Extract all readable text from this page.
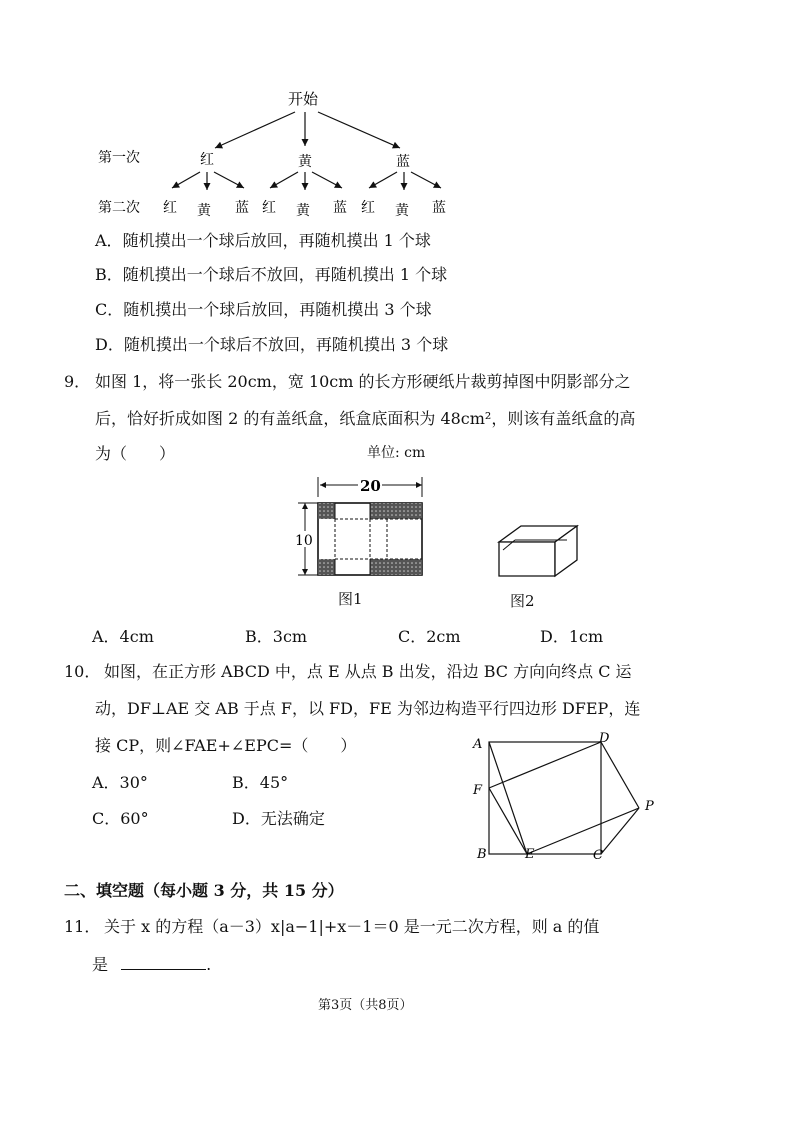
开始
第一次	红	黄	蓝
第二次 红 黄 蓝 红 黄 蓝 红 黄 蓝
A．随机摸出一个球后放回，再随机摸出 1 个球
B．随机摸出一个球后不放回，再随机摸出 1 个球
C．随机摸出一个球后放回，再随机摸出 3 个球
D．随机摸出一个球后不放回，再随机摸出 3 个球
9． 如图 1，将一张长 20cm，宽 10cm 的长方形硬纸片裁剪掉图中阴影部分之
后，恰好折成如图 2 的有盖纸盒，纸盒底面积为 48cm²，则该有盖纸盒的高
为（　　）	单位: cm
20
10
图1	图2
A．4cm	B．3cm	C．2cm	D．1cm
10． 如图，在正方形 ABCD 中，点 E 从点 B 出发，沿边 BC 方向向终点 C 运
动，DF⊥AE 交 AB 于点 F，以 FD，FE 为邻边构造平行四边形 DFEP，连
接 CP，则∠FAE+∠EPC=（　　）
A．30°	B．45°
C．60°	D．无法确定
A
B	C
D
E
F
P
二、填空题（每小题 3 分，共 15 分）
11． 关于 x 的方程（a－3）x|a−1|+x－1＝0 是一元二次方程，则 a 的值
是	.
第3页（共8页）
